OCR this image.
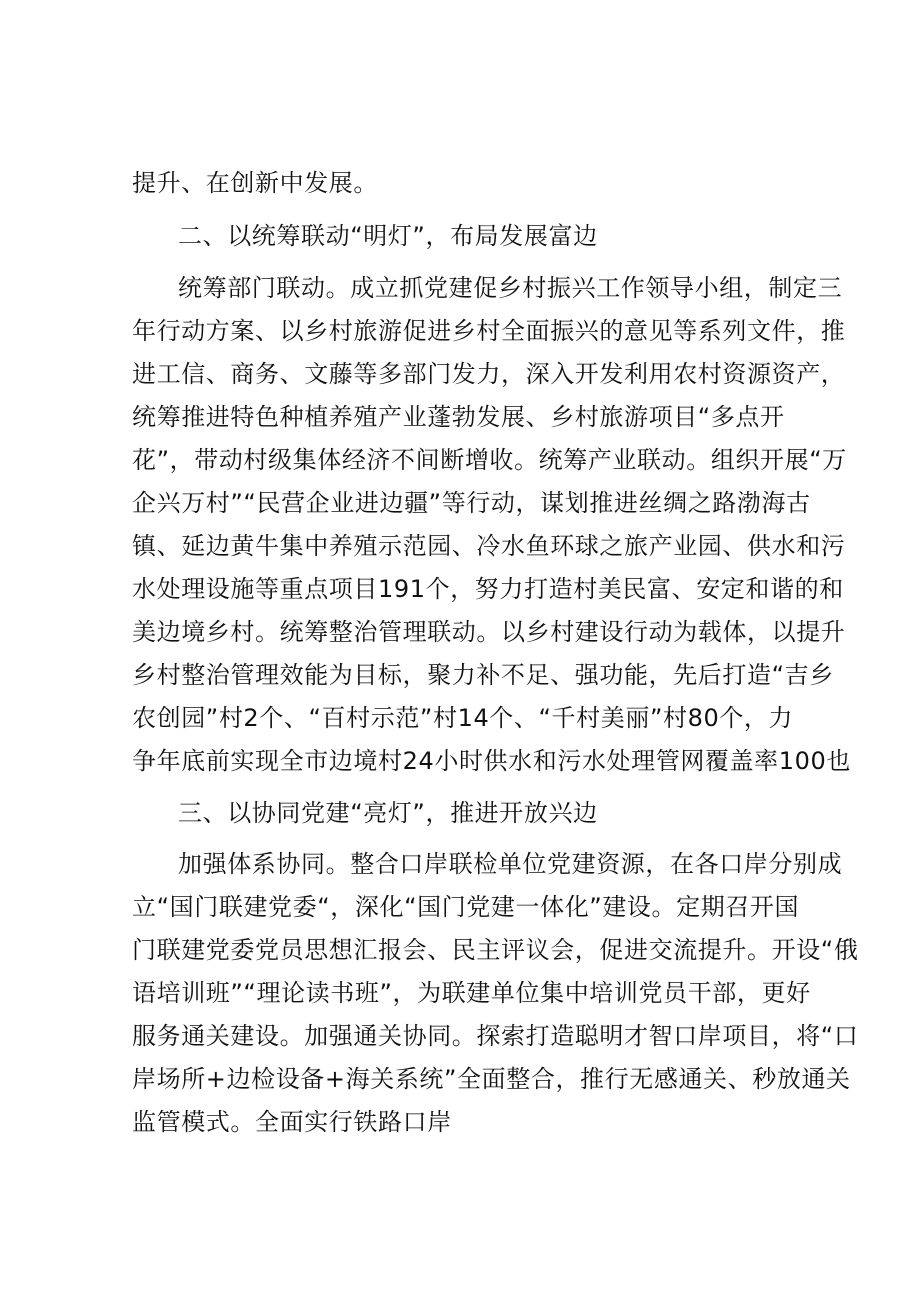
提升、在创新中发展。
二、以统筹联动“明灯”，布局发展富边
统筹部门联动。成立抓党建促乡村振兴工作领导小组，制定三
年行动方案、以乡村旅游促进乡村全面振兴的意见等系列文件，推
进工信、商务、文藤等多部门发力，深入开发利用农村资源资产，
统筹推进特色种植养殖产业蓬勃发展、乡村旅游项目“多点开
花”，带动村级集体经济不间断增收。统筹产业联动。组织开展“万
企兴万村”“民营企业进边疆”等行动，谋划推进丝绸之路渤海古
镇、延边黄牛集中养殖示范园、冷水鱼环球之旅产业园、供水和污
水处理设施等重点项目191个，努力打造村美民富、安定和谐的和
美边境乡村。统筹整治管理联动。以乡村建设行动为载体，以提升
乡村整治管理效能为目标，聚力补不足、强功能，先后打造“吉乡
农创园”村2个、“百村示范”村14个、“千村美丽”村80个，力
争年底前实现全市边境村24小时供水和污水处理管网覆盖率100也
三、以协同党建“亮灯”，推进开放兴边
加强体系协同。整合口岸联检单位党建资源，在各口岸分别成
立“国门联建党委“，深化“国门党建一体化”建设。定期召开国
门联建党委党员思想汇报会、民主评议会，促进交流提升。开设“俄
语培训班”“理论读书班”，为联建单位集中培训党员干部，更好
服务通关建设。加强通关协同。探索打造聪明才智口岸项目，将“口
岸场所+边检设备+海关系统”全面整合，推行无感通关、秒放通关
监管模式。全面实行铁路口岸
